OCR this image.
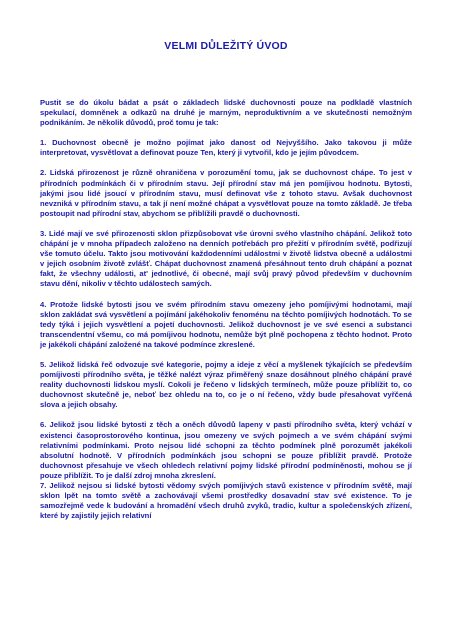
VELMI DŮLEŽITÝ ÚVOD

Pustit se do úkolu bádat a psát o základech lidské duchovnosti pouze na podkladě vlastních spekulací, domněnek a odkazů na druhé je marným, neproduktivním a ve skutečnosti nemožným podnikáním. Je několik důvodů, proč tomu je tak:

1. Duchovnost obecně je možno pojímat jako danost od Nejvyššího. Jako takovou ji může interpretovat, vysvětlovat a definovat pouze Ten, který ji vytvořil, kdo je jejím původcem.

2. Lidská přirozenost je různě ohraničena v porozumění tomu, jak se duchovnost chápe. To jest v přírodních podmínkách či v přírodním stavu. Její přírodní stav má jen pomíjivou hodnotu. Bytosti, jakými jsou lidé jsoucí v přírodním stavu, musí definovat vše z tohoto stavu. Avšak duchovnost nevzniká v přírodním stavu, a tak jí není možné chápat a vysvětlovat pouze na tomto základě. Je třeba postoupit nad přírodní stav, abychom se přiblížili pravdě o duchovnosti.

3. Lidé mají ve své přirozenosti sklon přizpůsobovat vše úrovni svého vlastního chápání. Jelikož toto chápání je v mnoha případech založeno na denních potřebách pro přežití v přírodním světě, podřizují vše tomuto účelu. Takto jsou motivování každodenními událostmi v životě lidstva obecně a událostmi v jejich osobním životě zvlášť. Chápat duchovnost znamená přesáhnout tento druh chápání a poznat fakt, že všechny události, at' jednotlivé, či obecné, mají svůj pravý původ především v duchovním stavu dění, nikoliv v těchto událostech samých.

4. Protože lidské bytosti jsou ve svém přírodním stavu omezeny jeho pomíjivými hodnotami, mají sklon zakládat svá vysvětlení a pojímání jakéhokoliv fenoménu na těchto pomíjivých hodnotách. To se tedy týká i jejich vysvětlení a pojetí duchovnosti. Jelikož duchovnost je ve své esenci a substanci transcendentní všemu, co má pomíjivou hodnotu, nemůže být plně pochopena z těchto hodnot. Proto je jakékoli chápání založené na takové podmínce zkreslené.

5. Jelikož lidská řeč odvozuje své kategorie, pojmy a ideje z věcí a myšlenek týkajících se především pomíjivosti přírodního světa, je těžké nalézt výraz přiměřený snaze dosáhnout plného chápání pravé reality duchovnosti lidskou myslí. Cokoli je řečeno v lidských termínech, může pouze přiblížit to, co duchovnost skutečně je, neboť bez ohledu na to, co je o ní řečeno, vždy bude přesahovat vyřčená slova a jejich obsahy.

6. Jelikož jsou lidské bytosti z těch a oněch důvodů lapeny v pasti přírodního světa, který vchází v existenci časoprostorového kontinua, jsou omezeny ve svých pojmech a ve svém chápání svými relativními podmínkami. Proto nejsou lidé schopni za těchto podmínek plně porozumět jakékoli absolutní hodnotě. V přírodních podmínkách jsou schopni se pouze přiblížit pravdě. Protože duchovnost přesahuje ve všech ohledech relativní pojmy lidské přírodní podmíněnosti, mohou se jí pouze přiblížit. To je další zdroj mnoha zkreslení.

7. Jelikož nejsou si lidské bytosti vědomy svých pomíjivých stavů existence v přírodním světě, mají sklon lpět na tomto světě a zachovávají všemi prostředky dosavadní stav své existence. To je samozřejmě vede k budování a hromadění všech druhů zvyků, tradic, kultur a společenských zřízení, které by zajistily jejich relativní
